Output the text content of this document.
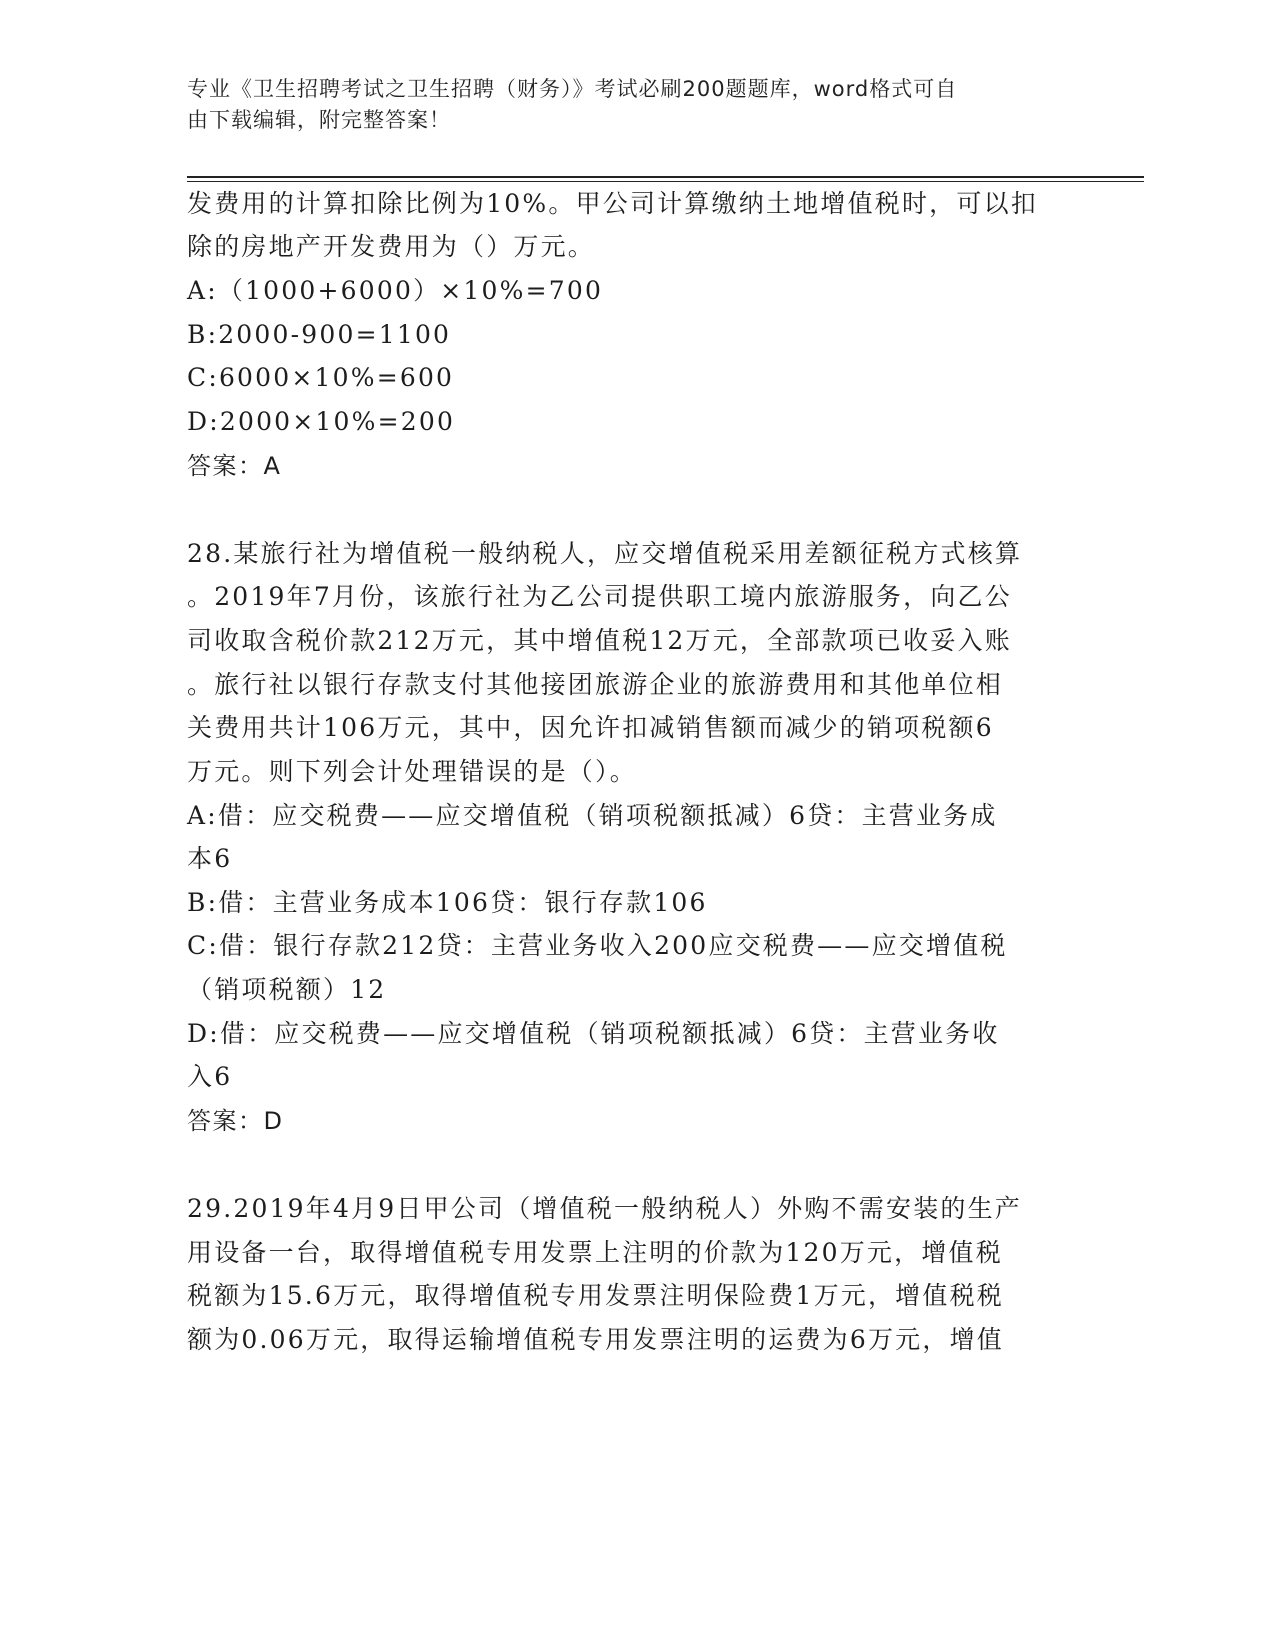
专业《卫生招聘考试之卫生招聘（财务）》考试必刷200题题库，word格式可自
由下载编辑，附完整答案！
发费用的计算扣除比例为10%。甲公司计算缴纳土地增值税时，可以扣
除的房地产开发费用为（）万元。
A:（1000+6000）×10%=700
B:2000-900=1100
C:6000×10%=600
D:2000×10%=200
答案：A
28.某旅行社为增值税一般纳税人，应交增值税采用差额征税方式核算
。2019年7月份，该旅行社为乙公司提供职工境内旅游服务，向乙公
司收取含税价款212万元，其中增值税12万元，全部款项已收妥入账
。旅行社以银行存款支付其他接团旅游企业的旅游费用和其他单位相
关费用共计106万元，其中，因允许扣减销售额而减少的销项税额6
万元。则下列会计处理错误的是（）。
A:借：应交税费——应交增值税（销项税额抵减）6贷：主营业务成
本6
B:借：主营业务成本106贷：银行存款106
C:借：银行存款212贷：主营业务收入200应交税费——应交增值税
（销项税额）12
D:借：应交税费——应交增值税（销项税额抵减）6贷：主营业务收
入6
答案：D
29.2019年4月9日甲公司（增值税一般纳税人）外购不需安装的生产
用设备一台，取得增值税专用发票上注明的价款为120万元，增值税
税额为15.6万元，取得增值税专用发票注明保险费1万元，增值税税
额为0.06万元，取得运输增值税专用发票注明的运费为6万元，增值
